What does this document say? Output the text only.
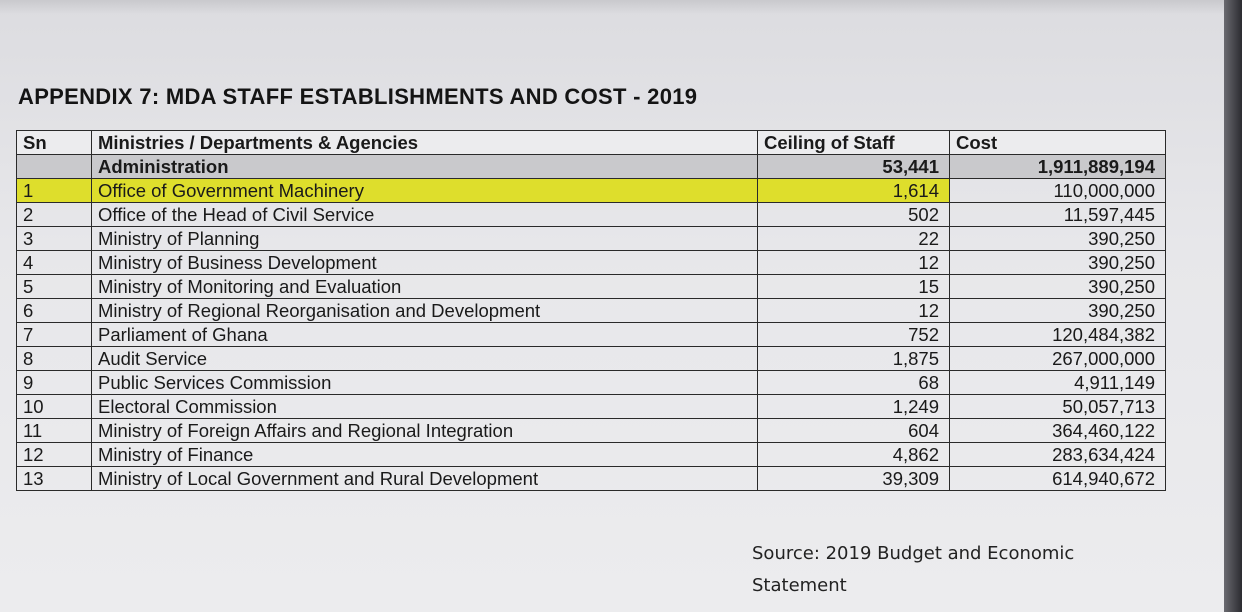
APPENDIX 7: MDA STAFF ESTABLISHMENTS AND COST - 2019
Sn	Ministries / Departments & Agencies	Ceiling of Staff	Cost
	Administration	53,441	1,911,889,194
1	Office of Government Machinery	1,614	110,000,000
2	Office of the Head of Civil Service	502	11,597,445
3	Ministry of Planning	22	390,250
4	Ministry of Business Development	12	390,250
5	Ministry of Monitoring and Evaluation	15	390,250
6	Ministry of Regional Reorganisation and Development	12	390,250
7	Parliament of Ghana	752	120,484,382
8	Audit Service	1,875	267,000,000
9	Public Services Commission	68	4,911,149
10	Electoral Commission	1,249	50,057,713
11	Ministry of Foreign Affairs and Regional Integration	604	364,460,122
12	Ministry of Finance	4,862	283,634,424
13	Ministry of Local Government and Rural Development	39,309	614,940,672
Source: 2019 Budget and Economic
Statement
